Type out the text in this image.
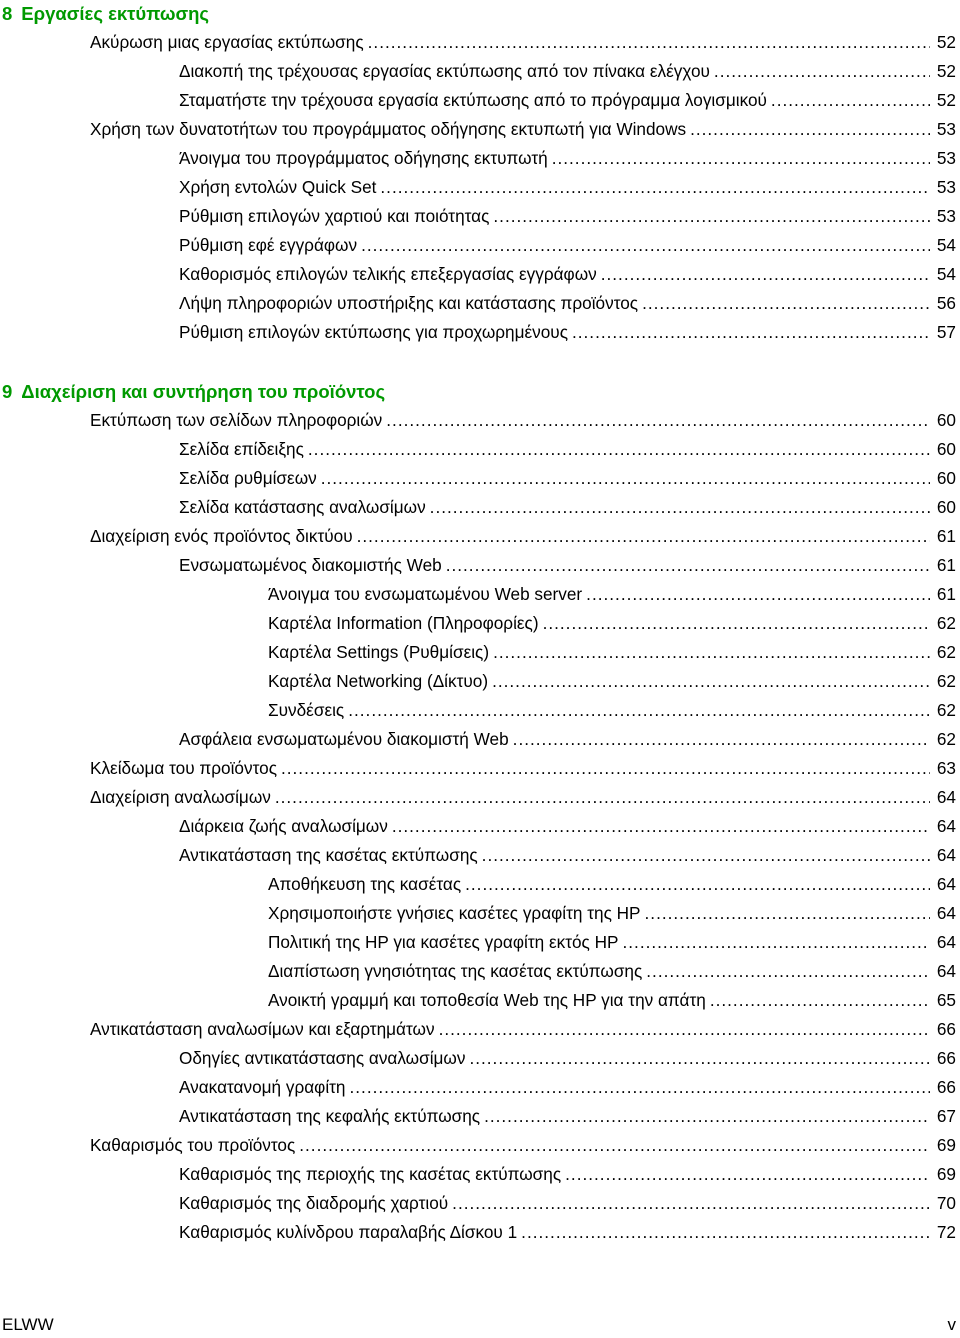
8 Εργασίες εκτύπωσης
Ακύρωση μιας εργασίας εκτύπωσης .....	52
Διακοπή της τρέχουσας εργασίας εκτύπωσης από τον πίνακα ελέγχου .....	52
Σταματήστε την τρέχουσα εργασία εκτύπωσης από το πρόγραμμα λογισμικού .....	52
Χρήση των δυνατοτήτων του προγράμματος οδήγησης εκτυπωτή για Windows .....	53
Άνοιγμα του προγράμματος οδήγησης εκτυπωτή .....	53
Χρήση εντολών Quick Set .....	53
Ρύθμιση επιλογών χαρτιού και ποιότητας .....	53
Ρύθμιση εφέ εγγράφων .....	54
Καθορισμός επιλογών τελικής επεξεργασίας εγγράφων .....	54
Λήψη πληροφοριών υποστήριξης και κατάστασης προϊόντος .....	56
Ρύθμιση επιλογών εκτύπωσης για προχωρημένους .....	57
9 Διαχείριση και συντήρηση του προϊόντος
Εκτύπωση των σελίδων πληροφοριών .....	60
Σελίδα επίδειξης .....	60
Σελίδα ρυθμίσεων .....	60
Σελίδα κατάστασης αναλωσίμων .....	60
Διαχείριση ενός προϊόντος δικτύου .....	61
Ενσωματωμένος διακομιστής Web .....	61
Άνοιγμα του ενσωματωμένου Web server .....	61
Καρτέλα Information (Πληροφορίες) .....	62
Καρτέλα Settings (Ρυθμίσεις) .....	62
Καρτέλα Networking (Δίκτυο) .....	62
Συνδέσεις .....	62
Ασφάλεια ενσωματωμένου διακομιστή Web .....	62
Κλείδωμα του προϊόντος .....	63
Διαχείριση αναλωσίμων .....	64
Διάρκεια ζωής αναλωσίμων .....	64
Αντικατάσταση της κασέτας εκτύπωσης .....	64
Αποθήκευση της κασέτας .....	64
Χρησιμοποιήστε γνήσιες κασέτες γραφίτη της HP .....	64
Πολιτική της HP για κασέτες γραφίτη εκτός HP .....	64
Διαπίστωση γνησιότητας της κασέτας εκτύπωσης .....	64
Ανοικτή γραμμή και τοποθεσία Web της HP για την απάτη .....	65
Αντικατάσταση αναλωσίμων και εξαρτημάτων .....	66
Οδηγίες αντικατάστασης αναλωσίμων .....	66
Ανακατανομή γραφίτη .....	66
Αντικατάσταση της κεφαλής εκτύπωσης .....	67
Καθαρισμός του προϊόντος .....	69
Καθαρισμός της περιοχής της κασέτας εκτύπωσης .....	69
Καθαρισμός της διαδρομής χαρτιού .....	70
Καθαρισμός κυλίνδρου παραλαβής Δίσκου 1 .....	72
ELWW	v
